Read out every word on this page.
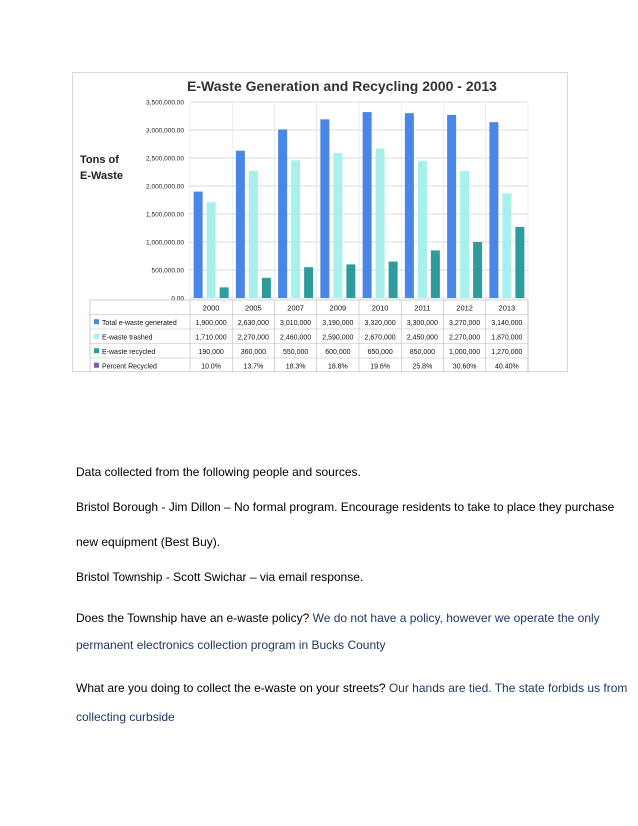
E-Waste Generation and Recycling 2000 - 2013
Tons of
E-Waste
0.00
500,000.00
1,000,000.00
1,500,000.00
2,000,000.00
2,500,000.00
3,000,000.00
3,500,000.00
2000	2005	2007	2009	2010	2011	2012	2013
Total e-waste generated	1,900,000 2,630,000 3,010,000 3,190,000 3,320,000 3,300,000 3,270,000 3,140,000
E-waste trashed	1,710,000 2,270,000 2,460,000 2,590,000 2,670,000 2,450,000 2,270,000 1,870,000
E-waste recycled	190,000 360,000 550,000 600,000 650,000 850,000 1,000,000 1,270,000
Percent Recycled	10.0%	13.7%	18.3%	18.8%	19.6%	25.8%	30.60%	40.40%
Data collected from the following people and sources.
Bristol Borough - Jim Dillon – No formal program. Encourage residents to take to place they purchase
new equipment (Best Buy).
Bristol Township - Scott Swichar – via email response.
Does the Township have an e-waste policy? We do not have a policy, however we operate the only
permanent electronics collection program in Bucks County
What are you doing to collect the e-waste on your streets? Our hands are tied. The state forbids us from
collecting curbside
